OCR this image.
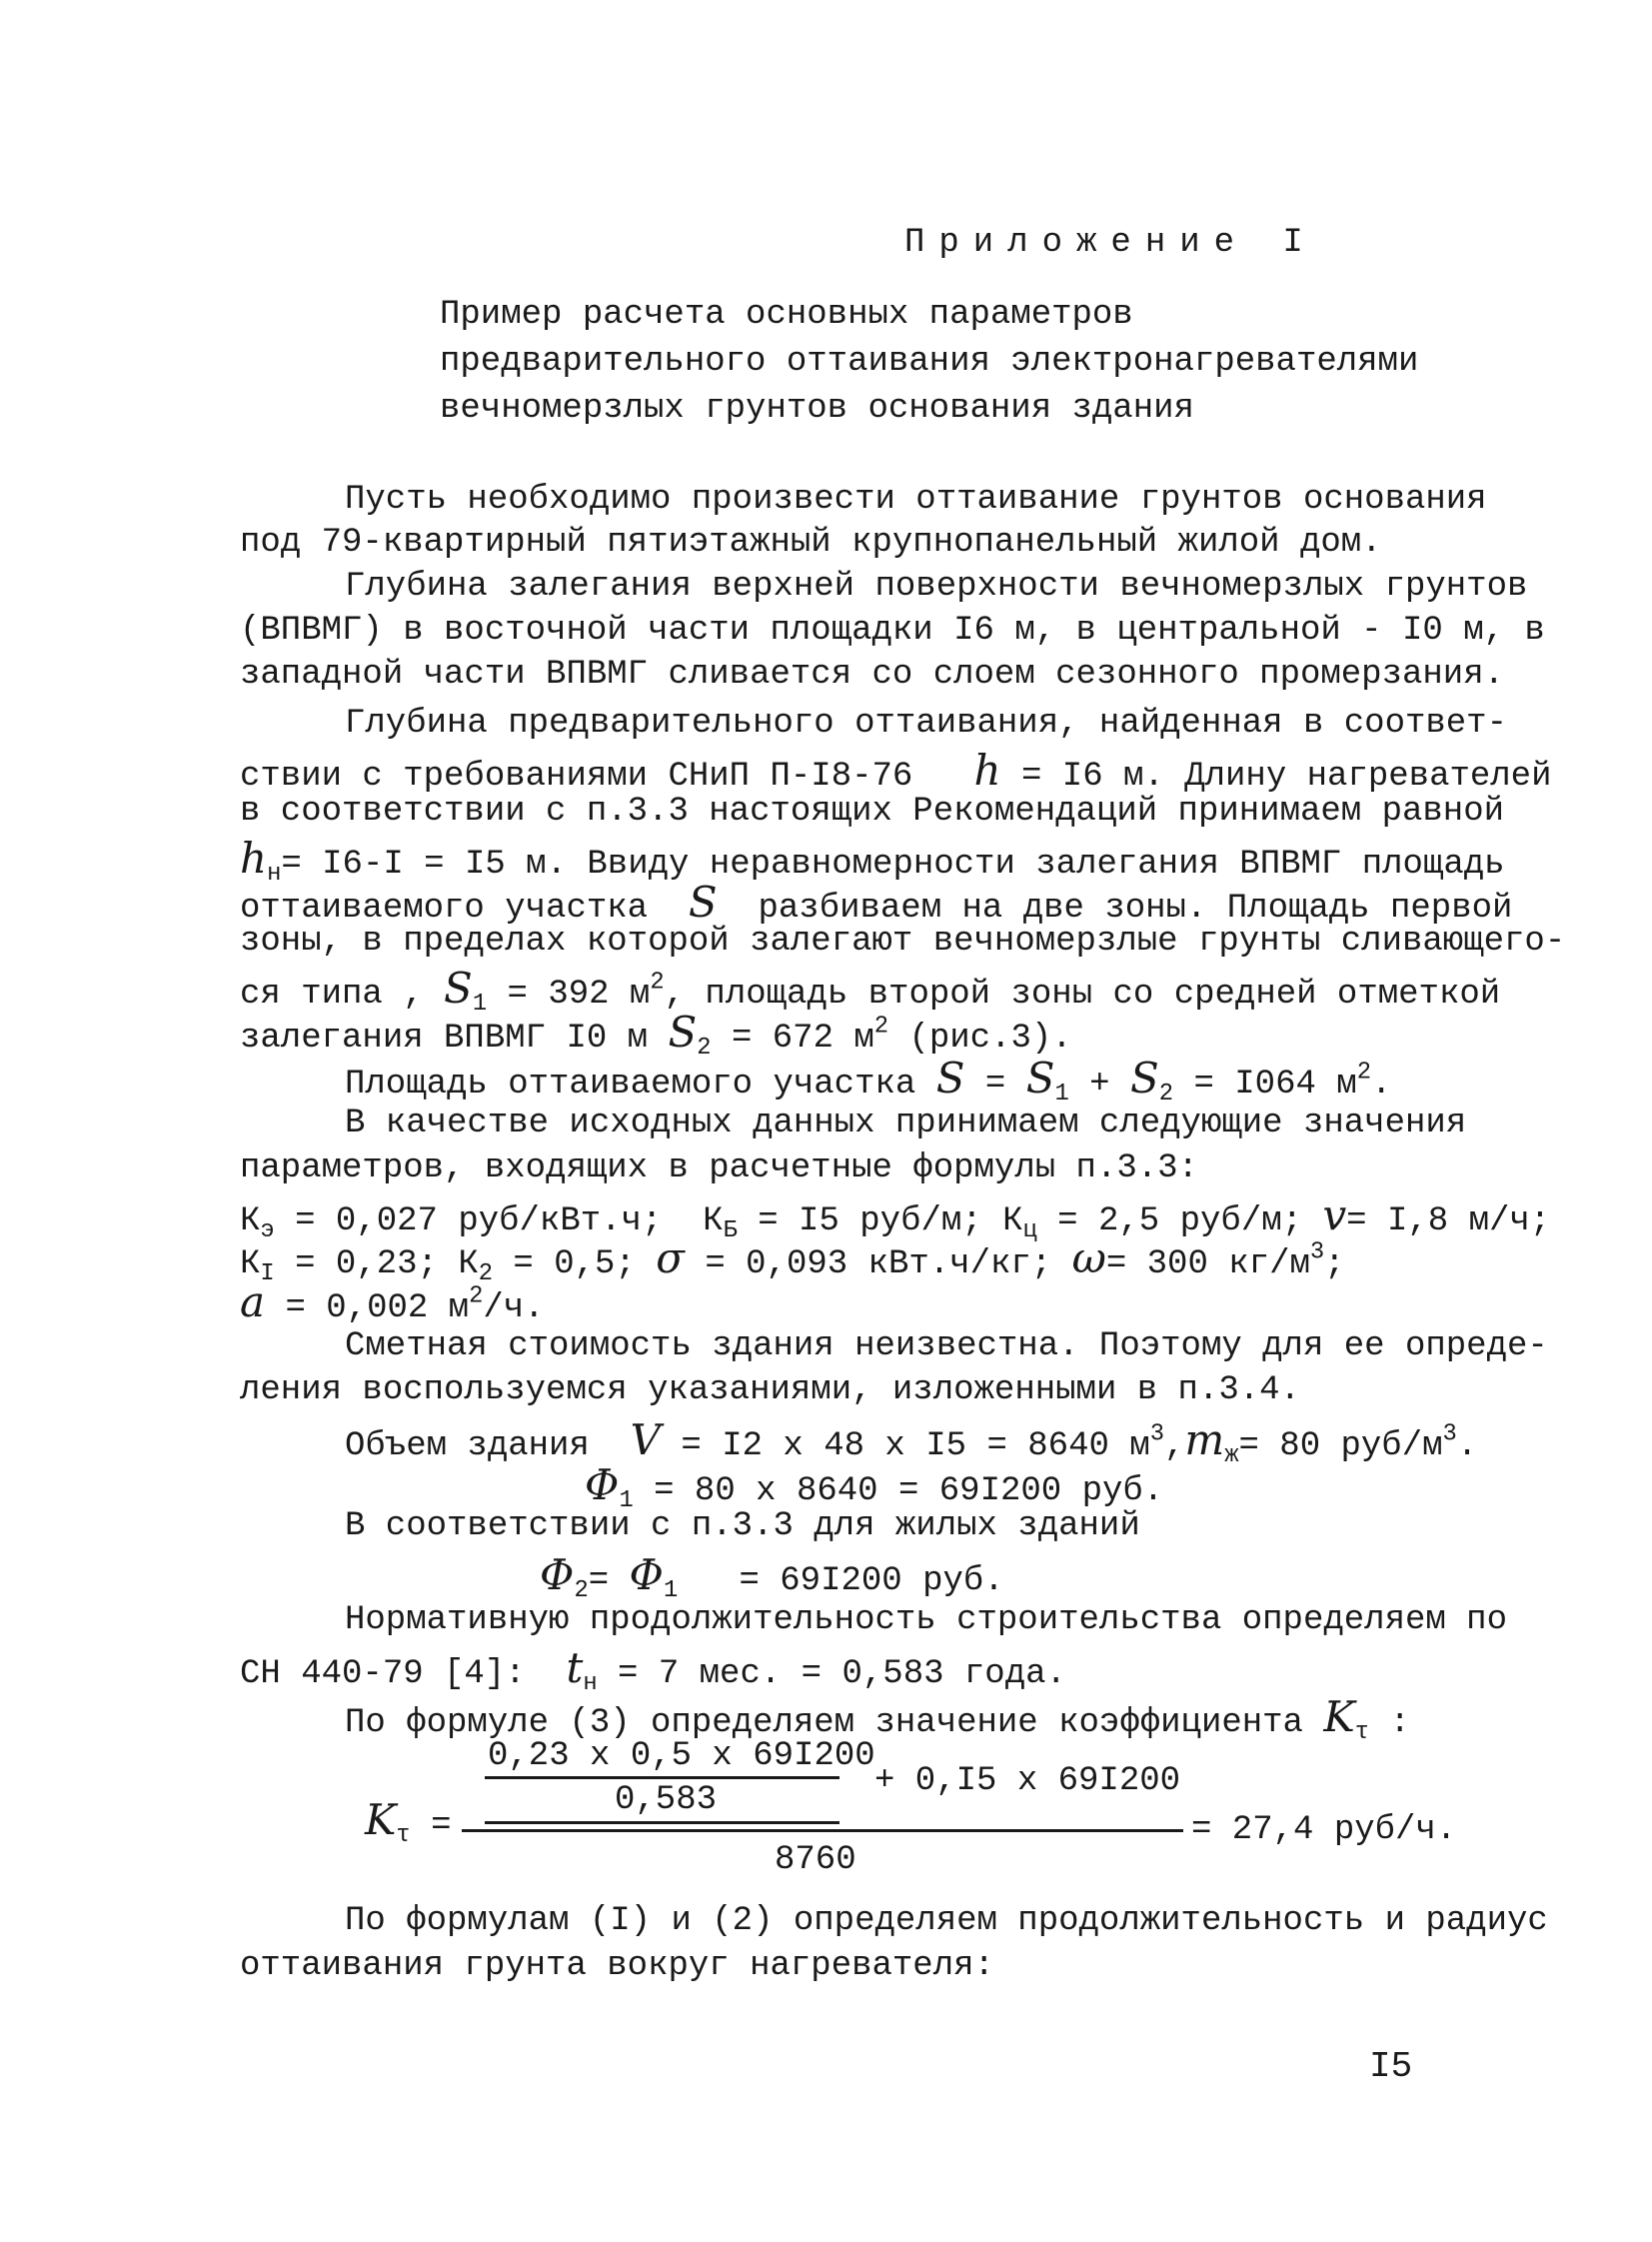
Приложение I
Пример расчета основных параметров
предварительного оттаивания электронагревателями
вечномерзлых грунтов основания здания
Пусть необходимо произвести оттаивание грунтов основания
под 79-квартирный пятиэтажный крупнопанельный жилой дом.
Глубина залегания верхней поверхности вечномерзлых грунтов
(ВПВМГ) в восточной части площадки I6 м, в центральной - I0 м, в
западной части ВПВМГ сливается со слоем сезонного промерзания.
Глубина предварительного оттаивания, найденная в соответ-
ствии с требованиями СНиП П-I8-76 h = I6 м. Длину нагревателей
в соответствии с п.3.3 настоящих Рекомендаций принимаем равной
$h_н= I6-I = I5$ м. Ввиду неравномерности залегания ВПВМГ площадь
оттаиваемого участка S разбиваем на две зоны. Площадь первой
зоны, в пределах которой залегают вечномерзлые грунты сливающего-
ся типа , $S_1 = 392$ $м^2$, площадь второй зоны со средней отметкой
залегания ВПВМГ I0 м $S_2 = 672$ $м^2$ (рис.3).
Площадь оттаиваемого участка $S = S_1 + S_2 = I064$ $м^2$.
В качестве исходных данных принимаем следующие значения
параметров, входящих в расчетные формулы п.3.3:
$К_э = 0,027$ руб/кВт.ч;  $К_Б = I5$ руб/м; $К_ц = 2,5$ руб/м; v= I,8 м/ч;
$К_I = 0,23$; $К_2 = 0,5$; σ = 0,093 кВт.ч/кг; ω= 300 $кг/м^3$;
a = 0,002 $м^2/ч$.
Сметная стоимость здания неизвестна. Поэтому для ее опреде-
ления воспользуемся указаниями, изложенными в п.3.4.
Объем здания V = I2 x 48 x I5 = 8640 $м^3,m_ж= 80$ руб/$м^3$.
$\Phi_1 = 80$ x 8640 = 69I200 руб.
В соответствии с п.3.3 для жилых зданий
$\Phi_2= \Phi_1 = 69I200$ руб.
Нормативную продолжительность строительства определяем по
СН 440-79 [4]: $t_н = 7$ мес. = 0,583 года.
По формуле (3) определяем значение коэффициента $K_\tau$ :
$K_\tau$ =
0,23 x 0,5 x 69I200
0,583	+ 0,I5 x 69I200
8760
= 27,4 руб/ч.
По формулам (I) и (2) определяем продолжительность и радиус
оттаивания грунта вокруг нагревателя:
I5
